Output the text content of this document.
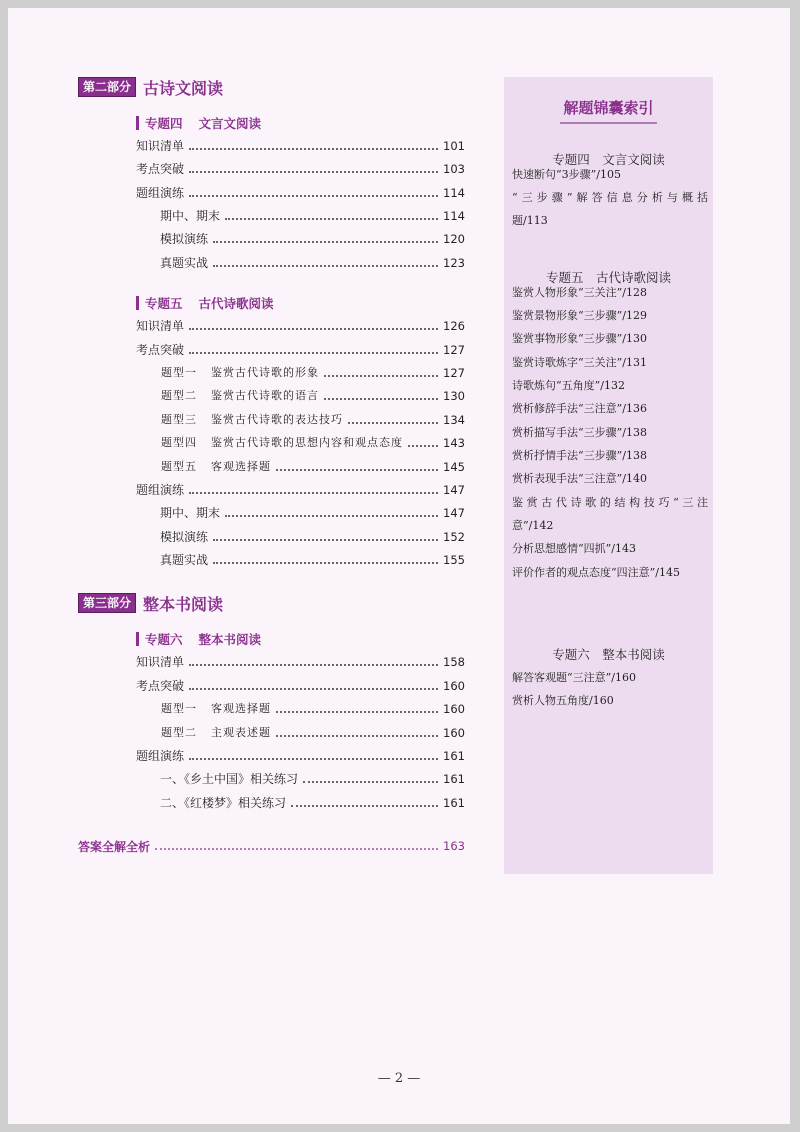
第二部分 古诗文阅读
专题四 文言文阅读
知识清单	101
考点突破	103
题组演练	114
期中、期末	114
模拟演练	120
真题实战	123
专题五 古代诗歌阅读
知识清单	126
考点突破	127
题型一 鉴赏古代诗歌的形象	127
题型二 鉴赏古代诗歌的语言	130
题型三 鉴赏古代诗歌的表达技巧	134
题型四 鉴赏古代诗歌的思想内容和观点态度	143
题型五 客观选择题	145
题组演练	147
期中、期末	147
模拟演练	152
真题实战	155
第三部分 整本书阅读
专题六 整本书阅读
知识清单	158
考点突破	160
题型一 客观选择题	160
题型二 主观表述题	160
题组演练	161
一、《乡土中国》相关练习	161
二、《红楼梦》相关练习	161
答案全解全析	163
解题锦囊索引
专题四　文言文阅读
快速断句“3步骤”/105
“三步骤”解答信息分析与概括
题/113
专题五　古代诗歌阅读
鉴赏人物形象“三关注”/128
鉴赏景物形象“三步骤”/129
鉴赏事物形象“三步骤”/130
鉴赏诗歌炼字“三关注”/131
诗歌炼句“五角度”/132
赏析修辞手法“三注意”/136
赏析描写手法“三步骤”/138
赏析抒情手法“三步骤”/138
赏析表现手法“三注意”/140
鉴赏古代诗歌的结构技巧“三注
意”/142
分析思想感情“四抓”/143
评价作者的观点态度“四注意”/145
专题六　整本书阅读
解答客观题“三注意”/160
赏析人物五角度/160
— 2 —
